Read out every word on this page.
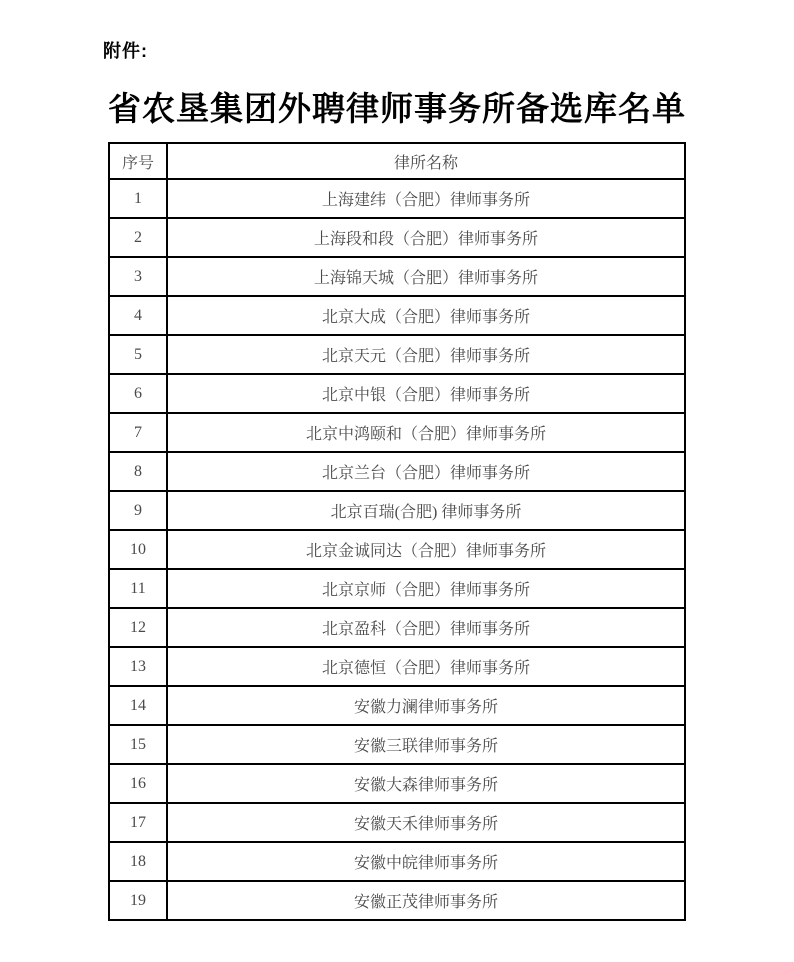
附件:
省农垦集团外聘律师事务所备选库名单
序号	律所名称
1	上海建纬（合肥）律师事务所
2	上海段和段（合肥）律师事务所
3	上海锦天城（合肥）律师事务所
4	北京大成（合肥）律师事务所
5	北京天元（合肥）律师事务所
6	北京中银（合肥）律师事务所
7	北京中鸿颐和（合肥）律师事务所
8	北京兰台（合肥）律师事务所
9	北京百瑞(合肥) 律师事务所
10	北京金诚同达（合肥）律师事务所
11	北京京师（合肥）律师事务所
12	北京盈科（合肥）律师事务所
13	北京德恒（合肥）律师事务所
14	安徽力澜律师事务所
15	安徽三联律师事务所
16	安徽大森律师事务所
17	安徽天禾律师事务所
18	安徽中皖律师事务所
19	安徽正茂律师事务所
